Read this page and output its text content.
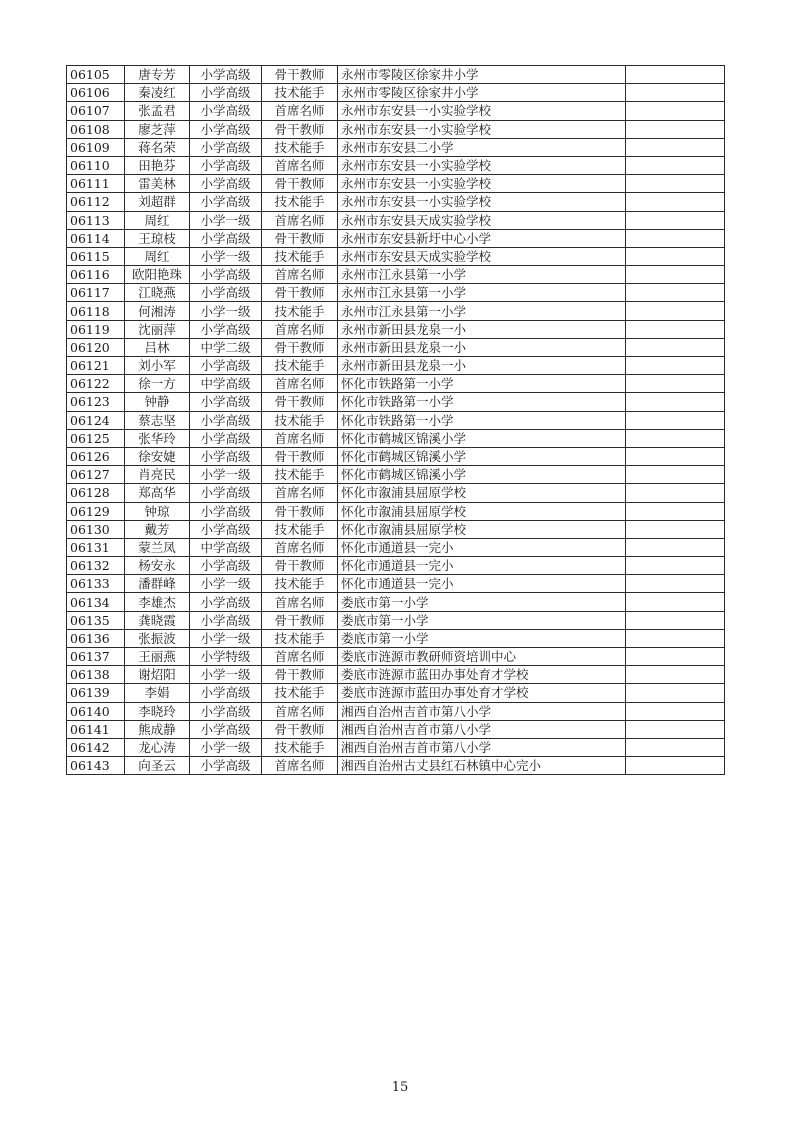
06105	唐专芳	小学高级	骨干教师	永州市零陵区徐家井小学	
06106	秦凌红	小学高级	技术能手	永州市零陵区徐家井小学	
06107	张孟君	小学高级	首席名师	永州市东安县一小实验学校	
06108	廖芝萍	小学高级	骨干教师	永州市东安县一小实验学校	
06109	蒋名荣	小学高级	技术能手	永州市东安县二小学	
06110	田艳芬	小学高级	首席名师	永州市东安县一小实验学校	
06111	雷美林	小学高级	骨干教师	永州市东安县一小实验学校	
06112	刘超群	小学高级	技术能手	永州市东安县一小实验学校	
06113	周红	小学一级	首席名师	永州市东安县天成实验学校	
06114	王琼枝	小学高级	骨干教师	永州市东安县新圩中心小学	
06115	周红	小学一级	技术能手	永州市东安县天成实验学校	
06116	欧阳艳珠	小学高级	首席名师	永州市江永县第一小学	
06117	江晓燕	小学高级	骨干教师	永州市江永县第一小学	
06118	何湘涛	小学一级	技术能手	永州市江永县第一小学	
06119	沈丽萍	小学高级	首席名师	永州市新田县龙泉一小	
06120	吕林	中学二级	骨干教师	永州市新田县龙泉一小	
06121	刘小军	小学高级	技术能手	永州市新田县龙泉一小	
06122	徐一方	中学高级	首席名师	怀化市铁路第一小学	
06123	钟静	小学高级	骨干教师	怀化市铁路第一小学	
06124	蔡志坚	小学高级	技术能手	怀化市铁路第一小学	
06125	张华玲	小学高级	首席名师	怀化市鹤城区锦溪小学	
06126	徐安婕	小学高级	骨干教师	怀化市鹤城区锦溪小学	
06127	肖亮民	小学一级	技术能手	怀化市鹤城区锦溪小学	
06128	郑高华	小学高级	首席名师	怀化市溆浦县屈原学校	
06129	钟琼	小学高级	骨干教师	怀化市溆浦县屈原学校	
06130	戴芳	小学高级	技术能手	怀化市溆浦县屈原学校	
06131	蒙兰凤	中学高级	首席名师	怀化市通道县一完小	
06132	杨安永	小学高级	骨干教师	怀化市通道县一完小	
06133	潘群峰	小学一级	技术能手	怀化市通道县一完小	
06134	李雄杰	小学高级	首席名师	娄底市第一小学	
06135	龚晓霞	小学高级	骨干教师	娄底市第一小学	
06136	张振波	小学一级	技术能手	娄底市第一小学	
06137	王丽燕	小学特级	首席名师	娄底市涟源市教研师资培训中心	
06138	谢炤阳	小学一级	骨干教师	娄底市涟源市蓝田办事处育才学校	
06139	李娟	小学高级	技术能手	娄底市涟源市蓝田办事处育才学校	
06140	李晓玲	小学高级	首席名师	湘西自治州吉首市第八小学	
06141	熊成静	小学高级	骨干教师	湘西自治州吉首市第八小学	
06142	龙心涛	小学一级	技术能手	湘西自治州吉首市第八小学	
06143	向圣云	小学高级	首席名师	湘西自治州古丈县红石林镇中心完小	
15
